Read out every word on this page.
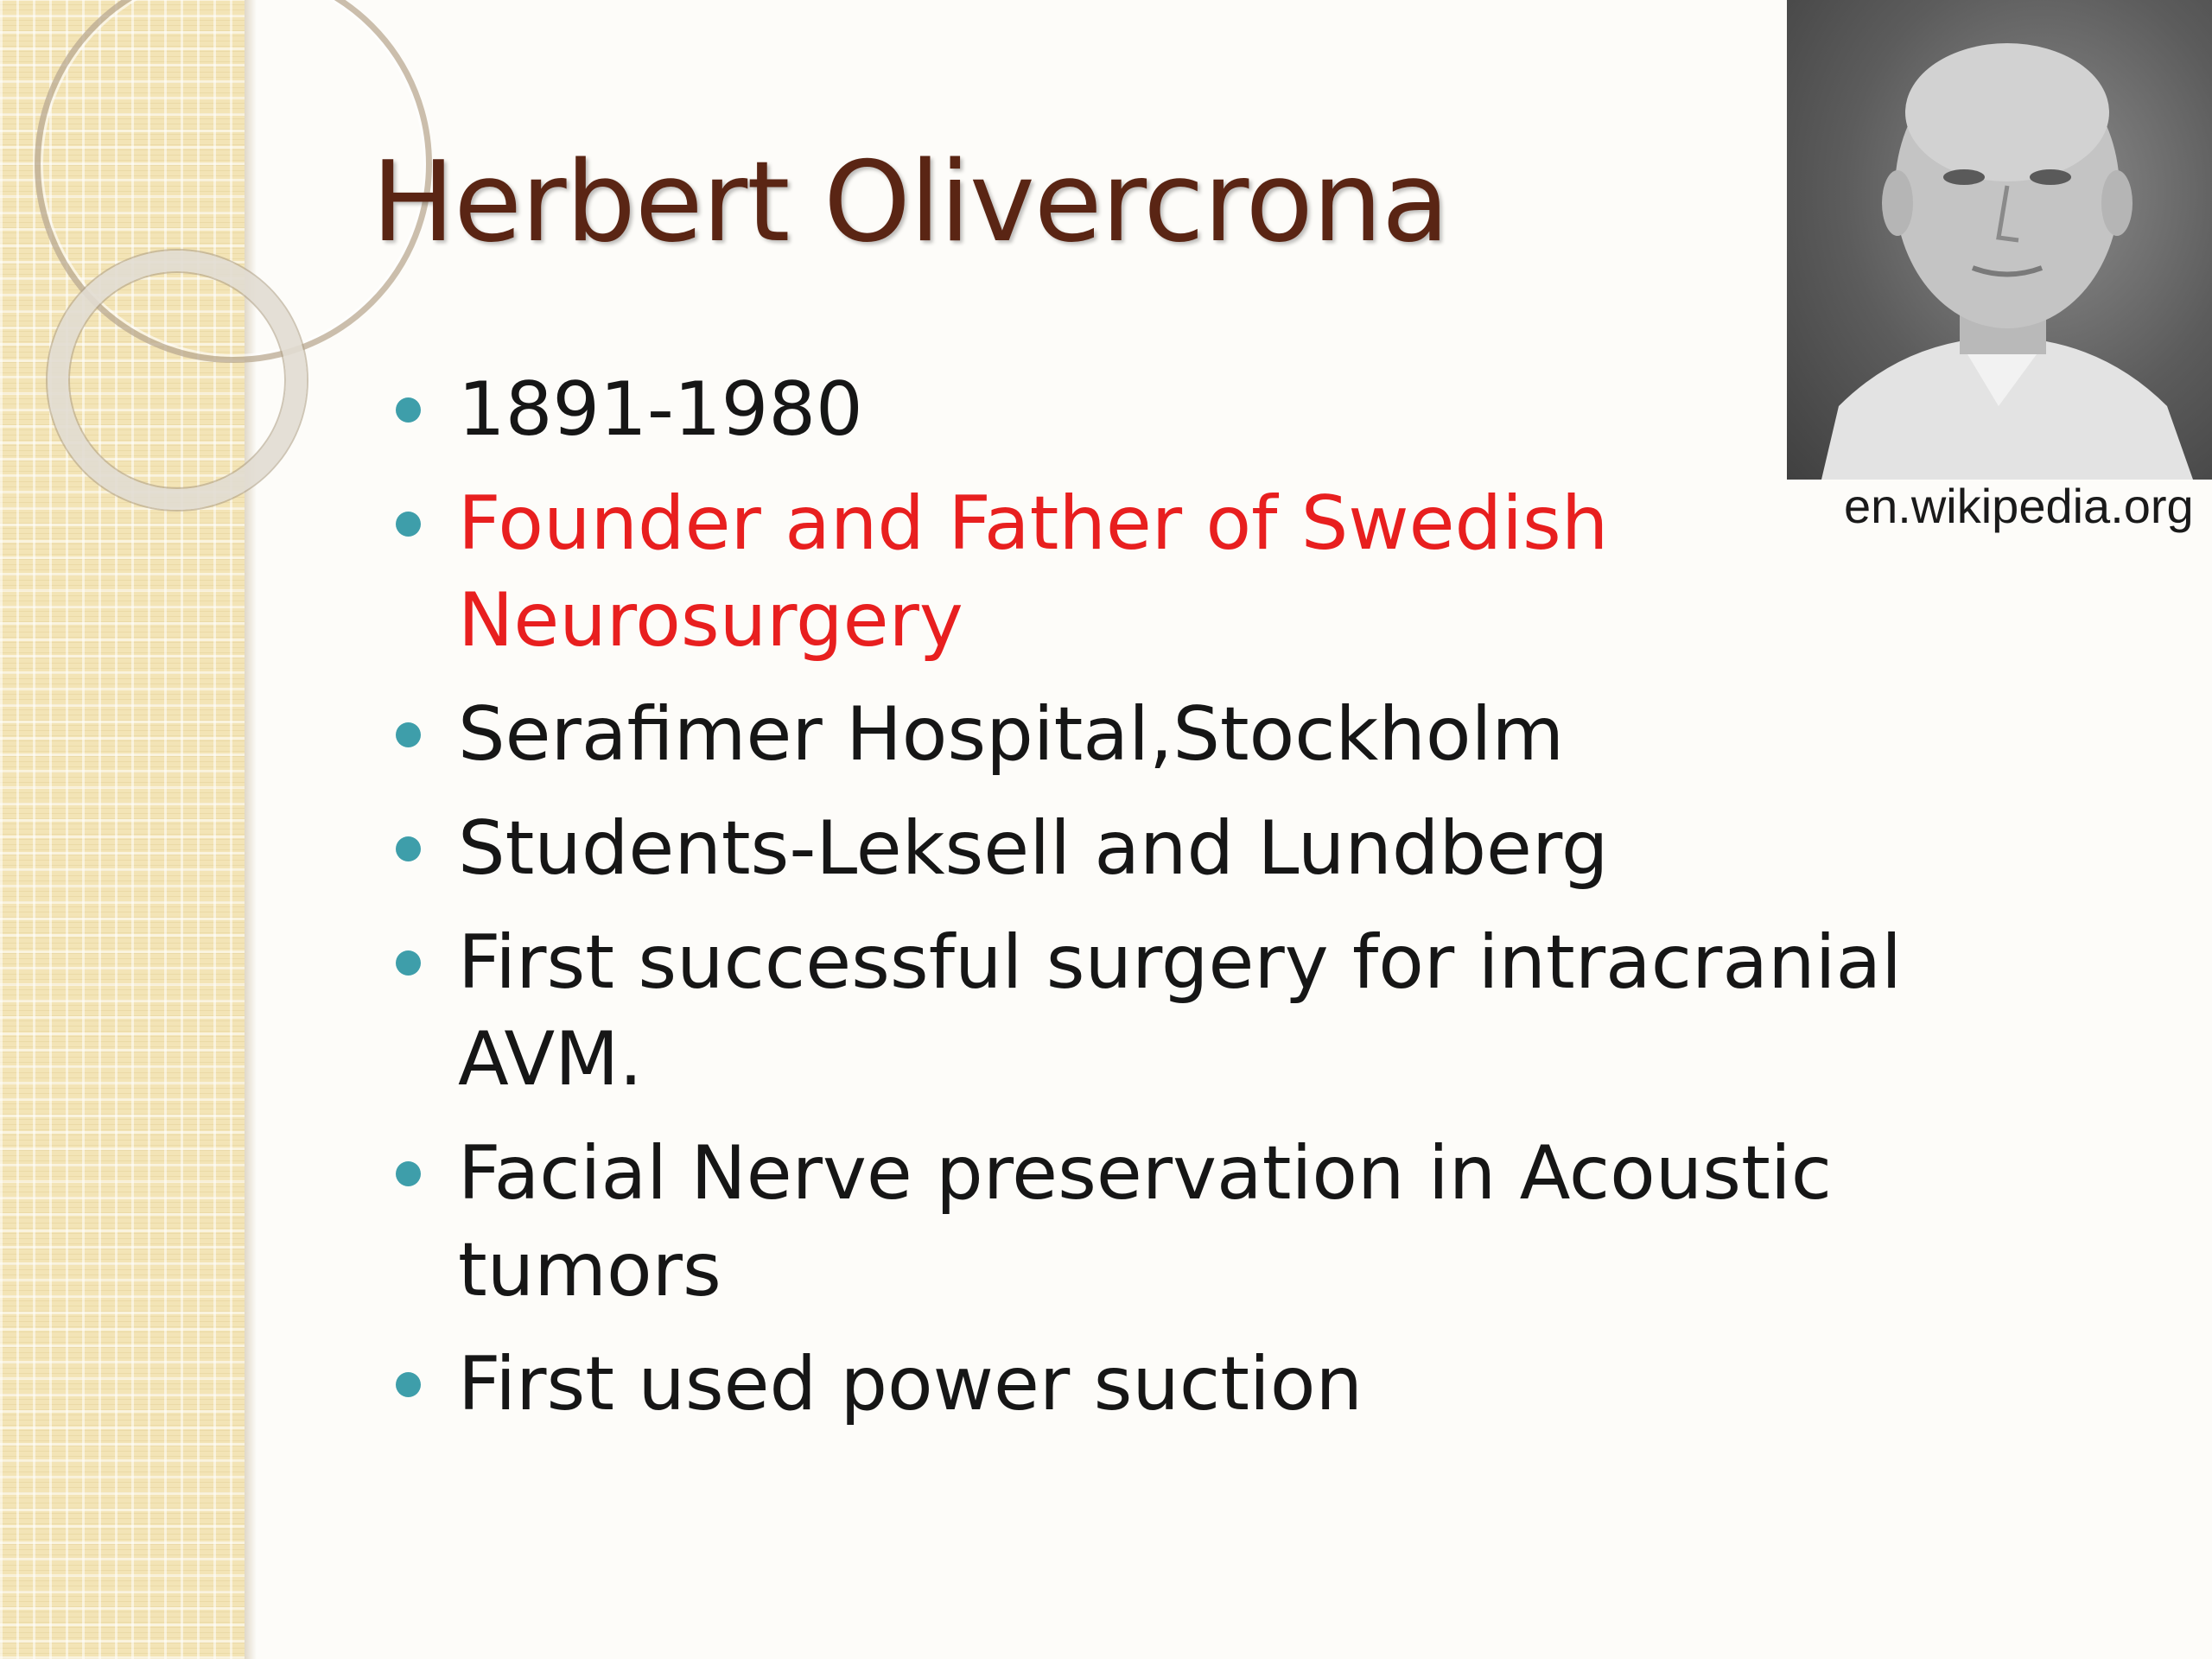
Herbert Olivercrona
1891-1980
Founder and Father of Swedish Neurosurgery
Serafimer Hospital,Stockholm
Students-Leksell and Lundberg
First successful surgery for intracranial AVM.
Facial Nerve preservation in Acoustic tumors
First used power suction
en.wikipedia.org
